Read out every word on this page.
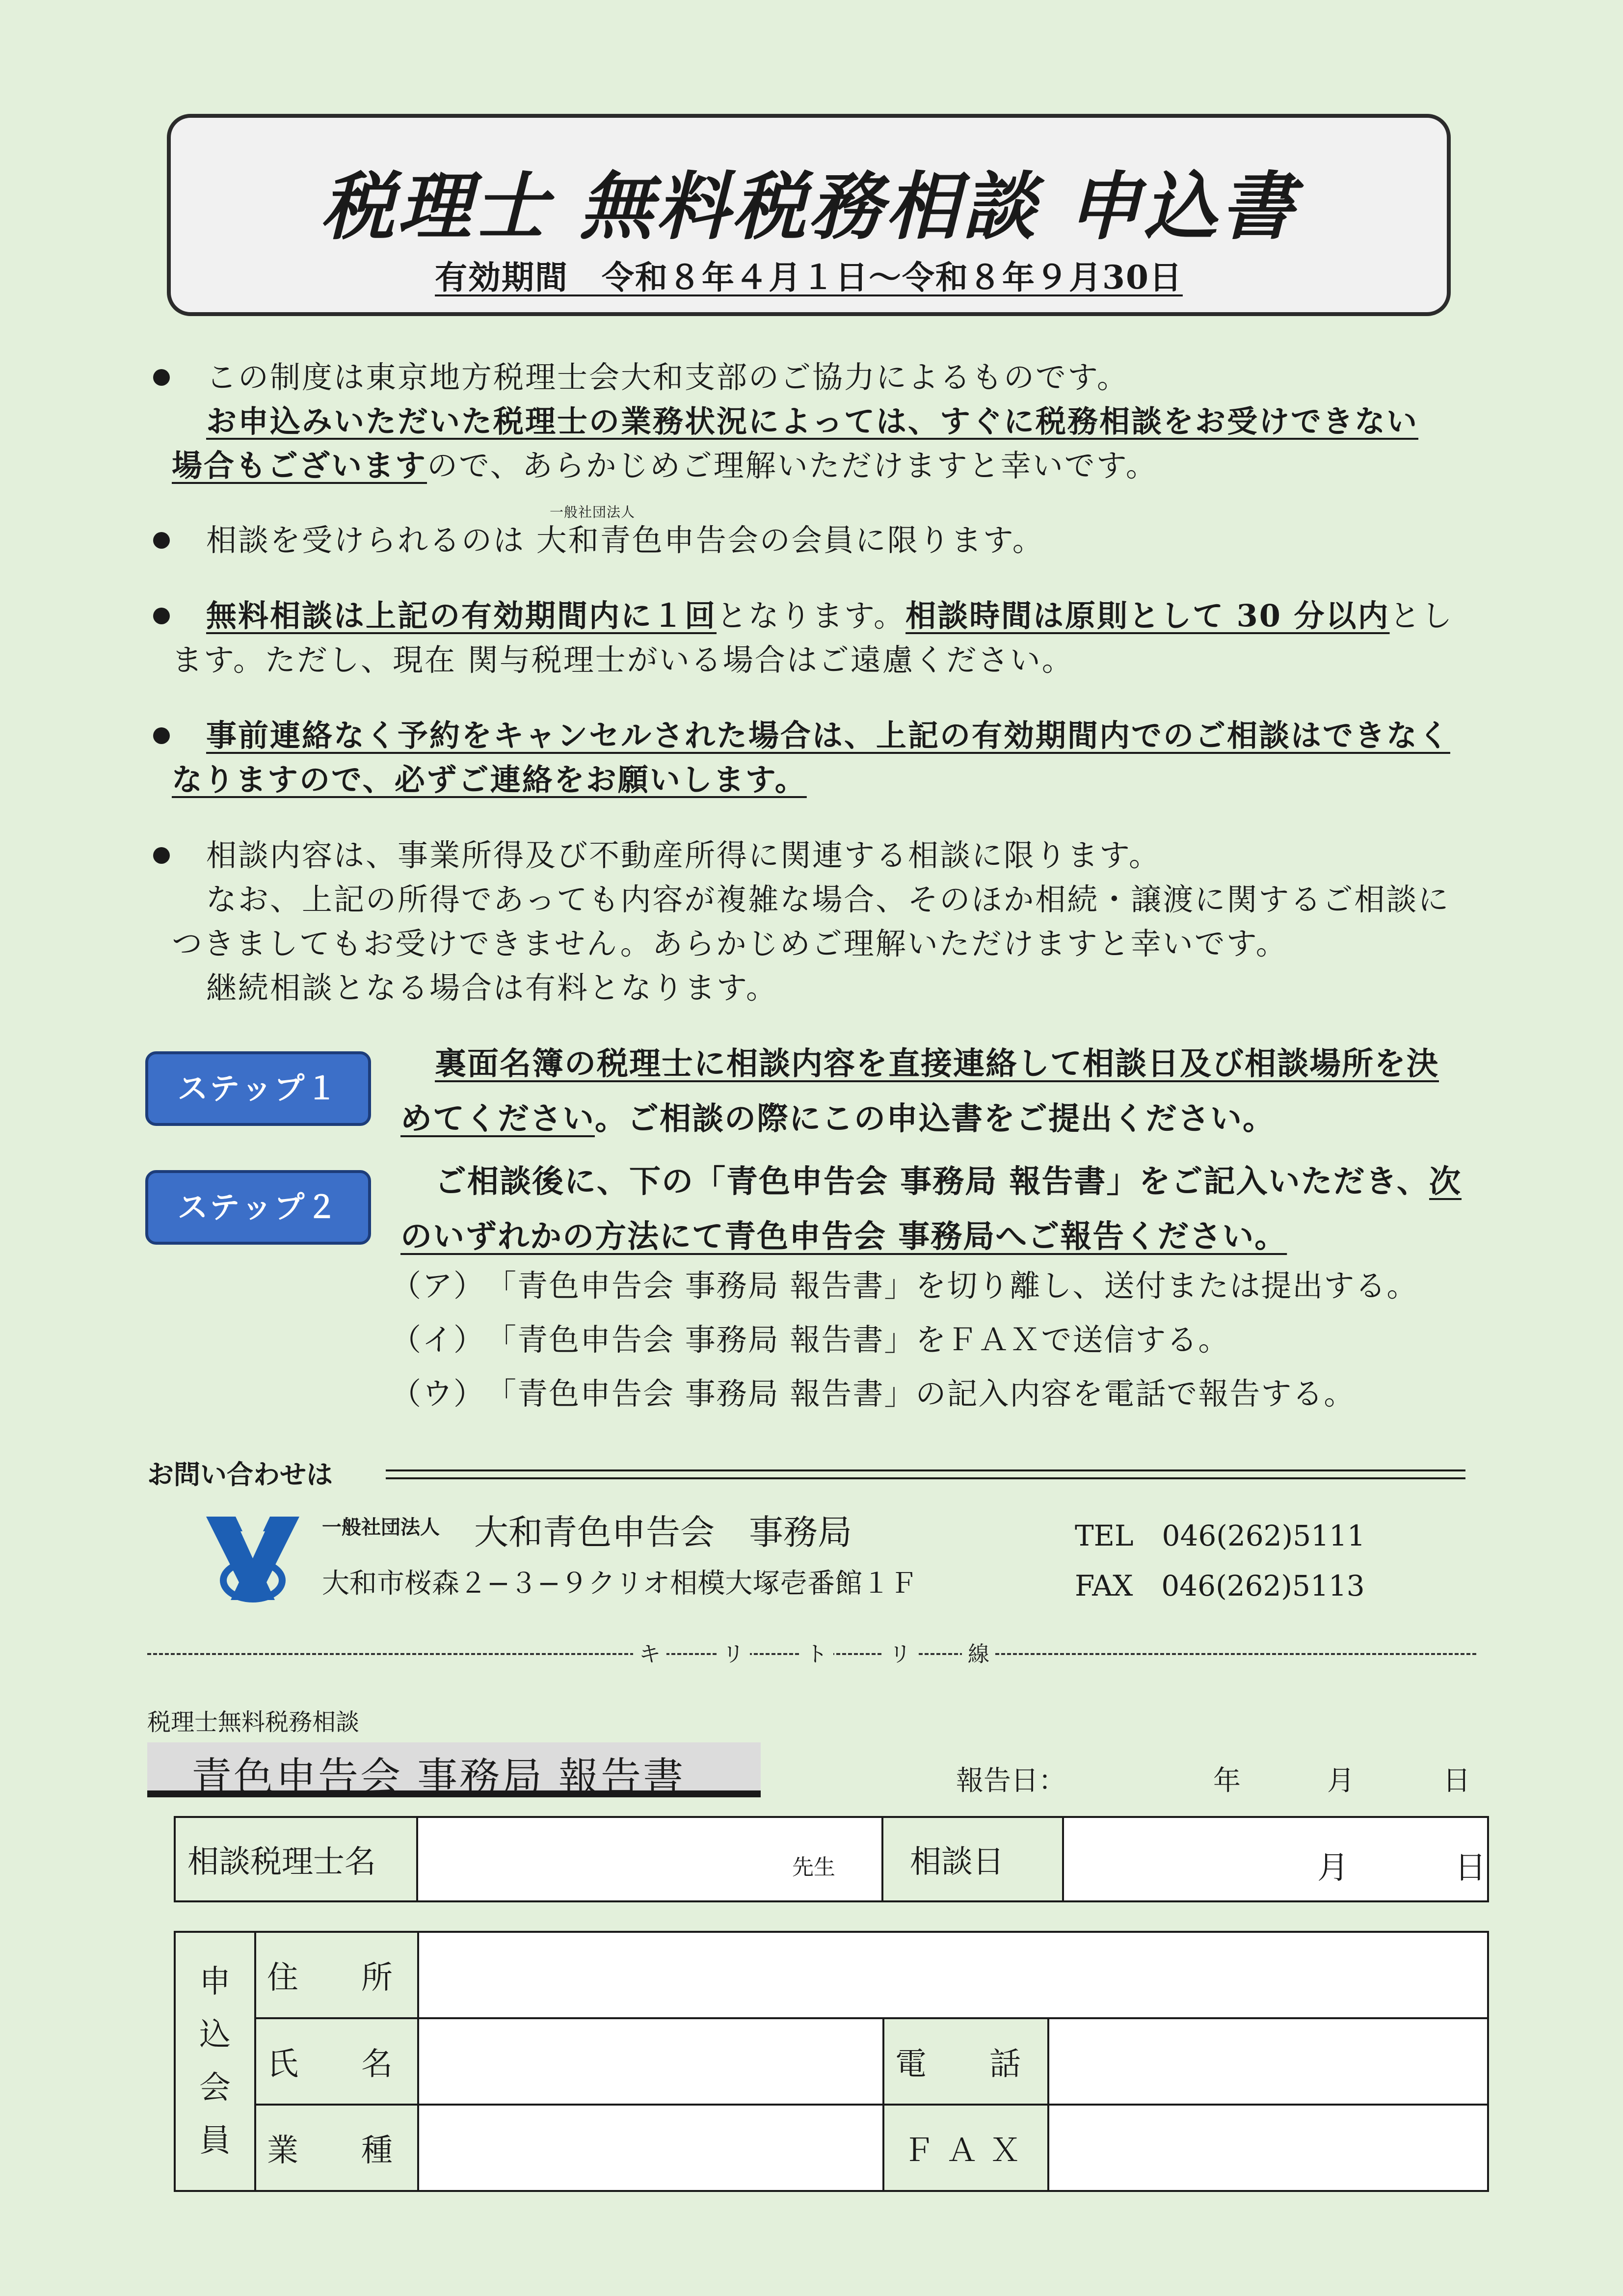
税理士 無料税務相談 申込書
有効期間　令和８年４月１日〜令和８年９月30日
この制度は東京地方税理士会大和支部のご協力によるものです。
お申込みいただいた税理士の業務状況によっては、すぐに税務相談をお受けできない
場合もございますので、あらかじめご理解いただけますと幸いです。
一般社団法人
相談を受けられるのは 大和青色申告会の会員に限ります。
無料相談は上記の有効期間内に１回となります。相談時間は原則として 30 分以内とし
ます。ただし、現在 関与税理士がいる場合はご遠慮ください。
事前連絡なく予約をキャンセルされた場合は、上記の有効期間内でのご相談はできなく
なりますので、必ずご連絡をお願いします。
相談内容は、事業所得及び不動産所得に関連する相談に限ります。
なお、上記の所得であっても内容が複雑な場合、そのほか相続・譲渡に関するご相談に
つきましてもお受けできません。あらかじめご理解いただけますと幸いです。
継続相談となる場合は有料となります。
ステップ１
裏面名簿の税理士に相談内容を直接連絡して相談日及び相談場所を決
めてください。ご相談の際にこの申込書をご提出ください。
ステップ２
ご相談後に、下の「青色申告会 事務局 報告書」をご記入いただき、次
のいずれかの方法にて青色申告会 事務局へご報告ください。
（ア）　「青色申告会 事務局 報告書」を切り離し、送付または提出する。
（イ）　「青色申告会 事務局 報告書」をＦＡＸで送信する。
（ウ）　「青色申告会 事務局 報告書」の記入内容を電話で報告する。
お問い合わせは
一般社団法人 大和青色申告会　事務局
大和市桜森２−３−９クリオ相模大塚壱番館１Ｆ
TEL　046(262)5111
FAX　046(262)5113
キ	リ	ト	リ	線
税理士無料税務相談
青色申告会 事務局 報告書	報告日：	年	月	日
相談税理士名	先生	相談日	月	日
申
込
会
員	住　　所			
	氏　　名		電　　話	
	業　　種		ＦＡＸ	
